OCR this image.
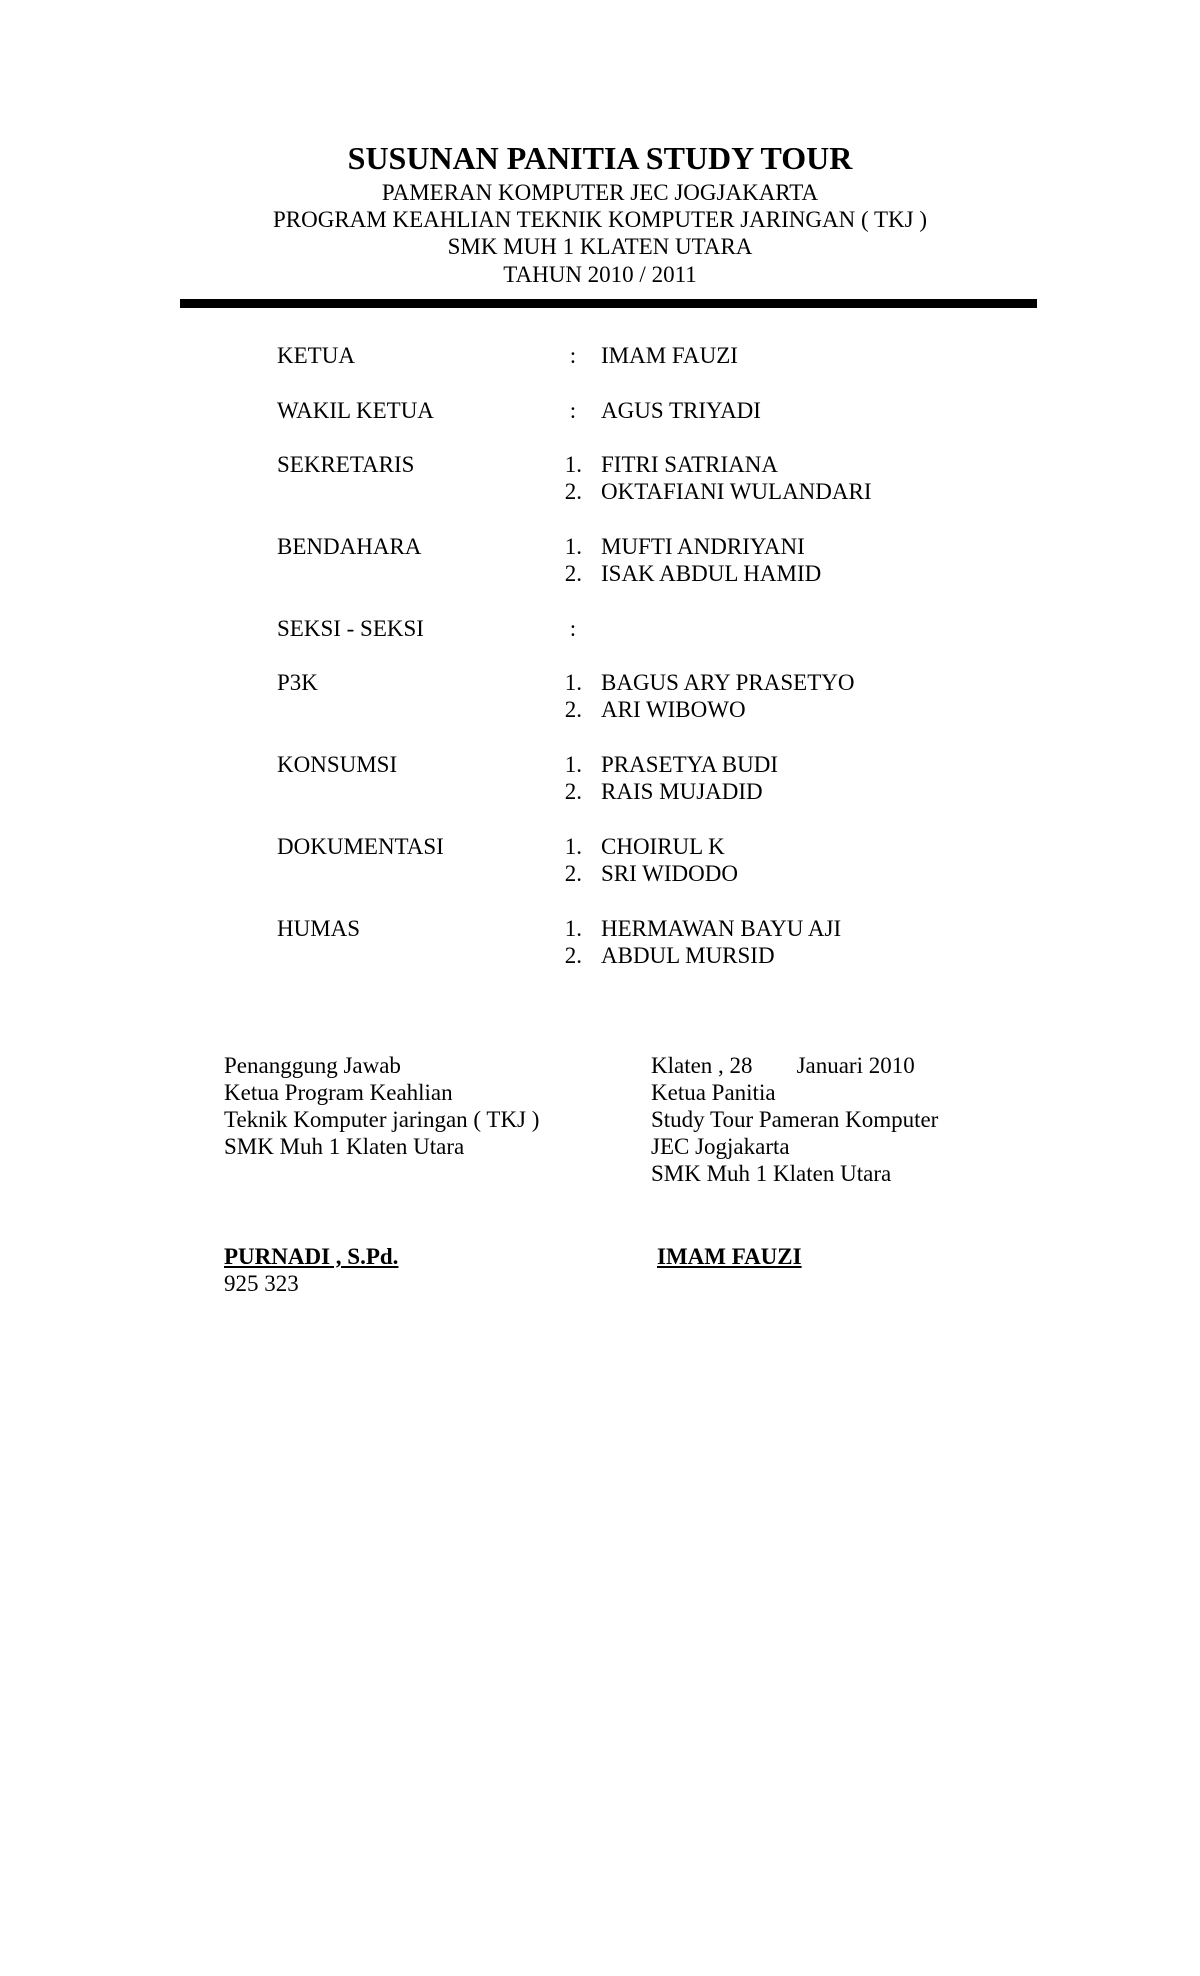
SUSUNAN PANITIA STUDY TOUR
PAMERAN KOMPUTER JEC JOGJAKARTA
PROGRAM KEAHLIAN TEKNIK KOMPUTER JARINGAN ( TKJ )
SMK MUH 1 KLATEN UTARA
TAHUN 2010 / 2011
KETUA	: IMAM FAUZI
WAKIL KETUA	: AGUS TRIYADI
SEKRETARIS	1. FITRI SATRIANA
2. OKTAFIANI WULANDARI
BENDAHARA	1. MUFTI ANDRIYANI
2. ISAK ABDUL HAMID
SEKSI - SEKSI	:
P3K	1. BAGUS ARY PRASETYO
2. ARI WIBOWO
KONSUMSI	1. PRASETYA BUDI
2. RAIS MUJADID
DOKUMENTASI	1. CHOIRUL K
2. SRI WIDODO
HUMAS	1. HERMAWAN BAYU AJI
2. ABDUL MURSID
Penanggung Jawab
Ketua Program Keahlian
Teknik Komputer jaringan ( TKJ )
SMK Muh 1 Klaten Utara
PURNADI , S.Pd.
925 323
Klaten , 28 Januari 2010
Ketua Panitia
Study Tour Pameran Komputer
JEC Jogjakarta
SMK Muh 1 Klaten Utara
IMAM FAUZI
